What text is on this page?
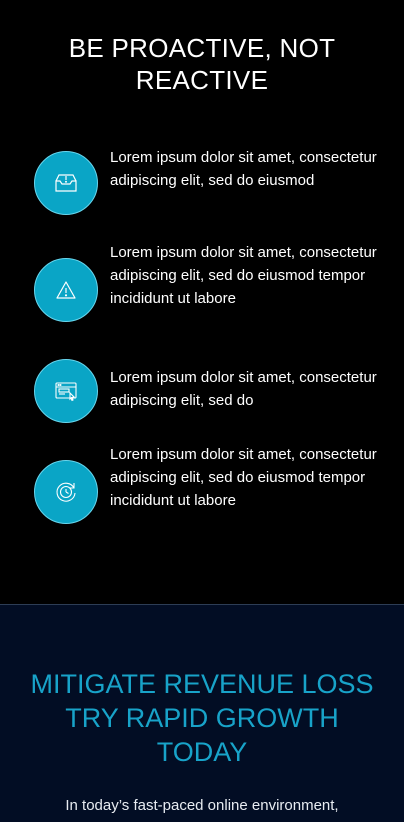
BE PROACTIVE, NOT
REACTIVE
Lorem ipsum dolor sit amet, consectetur adipiscing elit, sed do eiusmod
Lorem ipsum dolor sit amet, consectetur adipiscing elit, sed do eiusmod tempor incididunt ut labore
Lorem ipsum dolor sit amet, consectetur adipiscing elit, sed do
Lorem ipsum dolor sit amet, consectetur adipiscing elit, sed do eiusmod tempor incididunt ut labore
MITIGATE REVENUE LOSS
TRY RAPID GROWTH
TODAY
In today’s fast-paced online environment,
